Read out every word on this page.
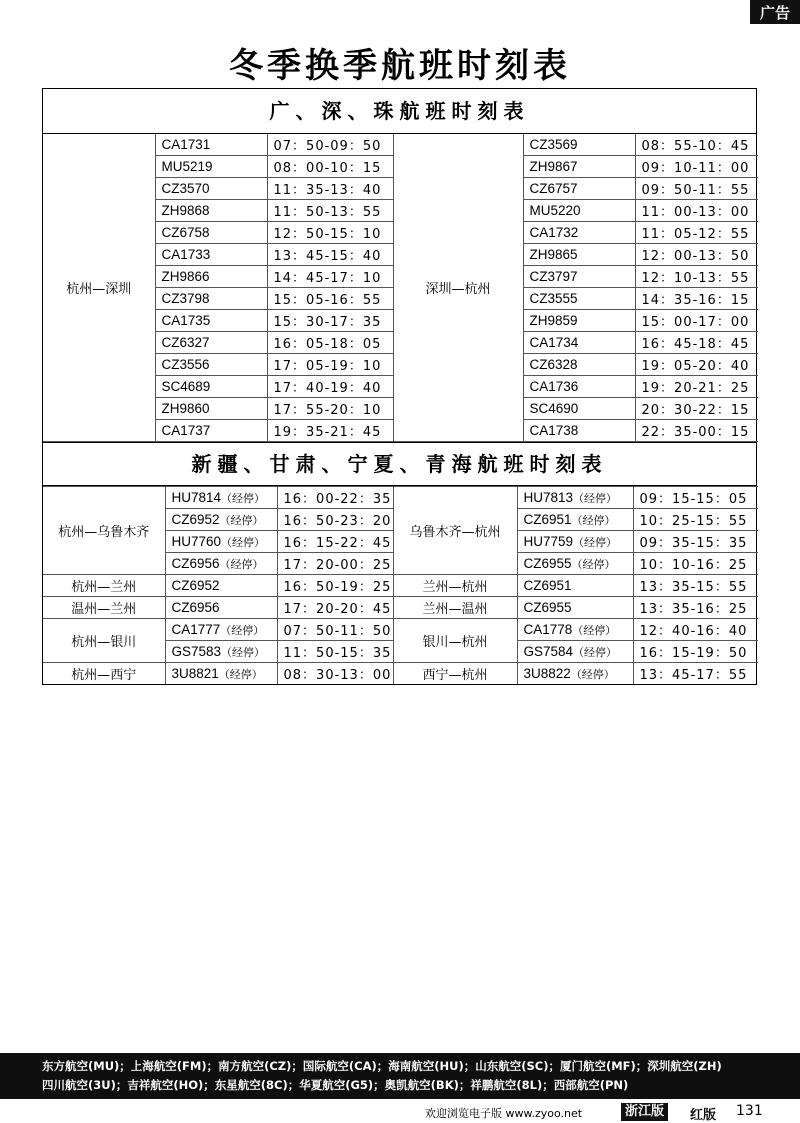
广告
冬季换季航班时刻表
广、深、珠航班时刻表
杭州—深圳	CA1731	07：50-09：50	深圳—杭州	CZ3569	08：55-10：45
	MU5219	08：00-10：15		ZH9867	09：10-11：00
	CZ3570	11：35-13：40		CZ6757	09：50-11：55
	ZH9868	11：50-13：55		MU5220	11：00-13：00
	CZ6758	12：50-15：10		CA1732	11：05-12：55
	CA1733	13：45-15：40		ZH9865	12：00-13：50
	ZH9866	14：45-17：10		CZ3797	12：10-13：55
	CZ3798	15：05-16：55		CZ3555	14：35-16：15
	CA1735	15：30-17：35		ZH9859	15：00-17：00
	CZ6327	16：05-18：05		CA1734	16：45-18：45
	CZ3556	17：05-19：10		CZ6328	19：05-20：40
	SC4689	17：40-19：40		CA1736	19：20-21：25
	ZH9860	17：55-20：10		SC4690	20：30-22：15
	CA1737	19：35-21：45		CA1738	22：35-00：15
新疆、甘肃、宁夏、青海航班时刻表
杭州—乌鲁木齐	HU7814（经停）	16：00-22：35	乌鲁木齐—杭州	HU7813（经停）	09：15-15：05
	CZ6952（经停）	16：50-23：20		CZ6951（经停）	10：25-15：55
	HU7760（经停）	16：15-22：45		HU7759（经停）	09：35-15：35
	CZ6956（经停）	17：20-00：25		CZ6955（经停）	10：10-16：25
杭州—兰州	CZ6952	16：50-19：25	兰州—杭州	CZ6951	13：35-15：55
温州—兰州	CZ6956	17：20-20：45	兰州—温州	CZ6955	13：35-16：25
杭州—银川	CA1777（经停）	07：50-11：50	银川—杭州	CA1778（经停）	12：40-16：40
	GS7583（经停）	11：50-15：35		GS7584（经停）	16：15-19：50
杭州—西宁	3U8821（经停）	08：30-13：00	西宁—杭州	3U8822（经停）	13：45-17：55
东方航空(MU)；上海航空(FM)；南方航空(CZ)；国际航空(CA)；海南航空(HU)；山东航空(SC)；厦门航空(MF)；深圳航空(ZH)
四川航空(3U)；吉祥航空(HO)；东星航空(8C)；华夏航空(G5)；奥凯航空(BK)；祥鹏航空(8L)；西部航空(PN)
欢迎浏览电子版 www.zyoo.net	浙江版	红版 131
